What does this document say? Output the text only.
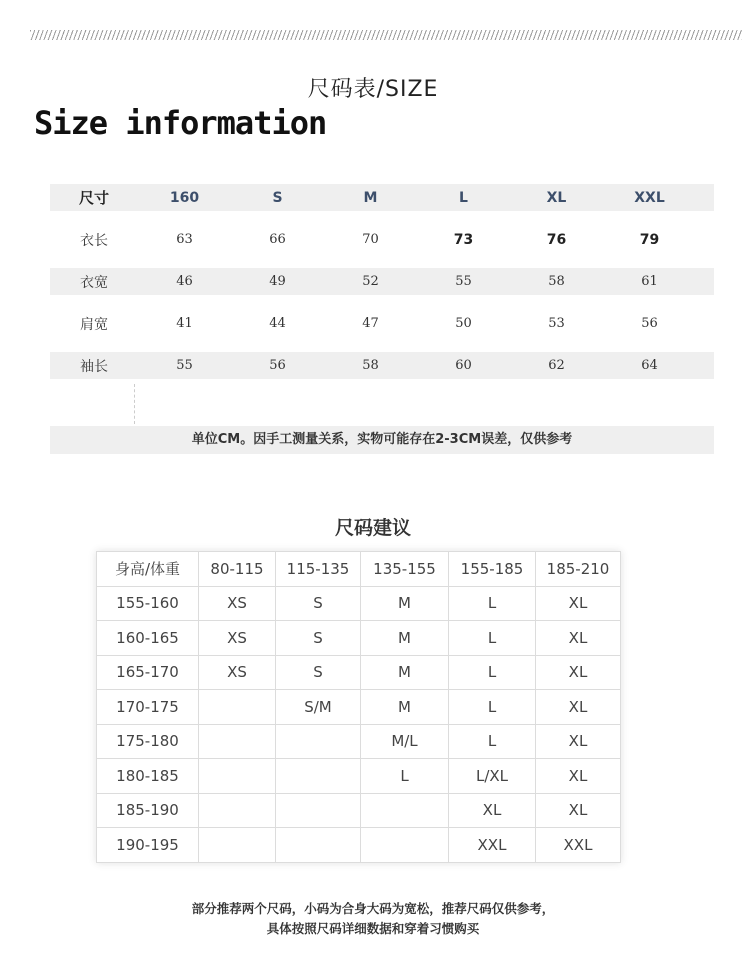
尺码表/SIZE
Size information
尺寸	160	S	M	L	XL	XXL
衣长	63	66	70	73	76	79
衣宽	46	49	52	55	58	61
肩宽	41	44	47	50	53	56
袖长	55	56	58	60	62	64
单位CM。因手工测量关系，实物可能存在2-3CM误差，仅供参考
尺码建议
身高/体重	80-115	115-135	135-155	155-185	185-210
155-160	XS	S	M	L	XL
160-165	XS	S	M	L	XL
165-170	XS	S	M	L	XL
170-175		S/M	M	L	XL
175-180			M/L	L	XL
180-185			L	L/XL	XL
185-190				XL	XL
190-195				XXL	XXL
部分推荐两个尺码，小码为合身大码为宽松，推荐尺码仅供参考，
具体按照尺码详细数据和穿着习惯购买
